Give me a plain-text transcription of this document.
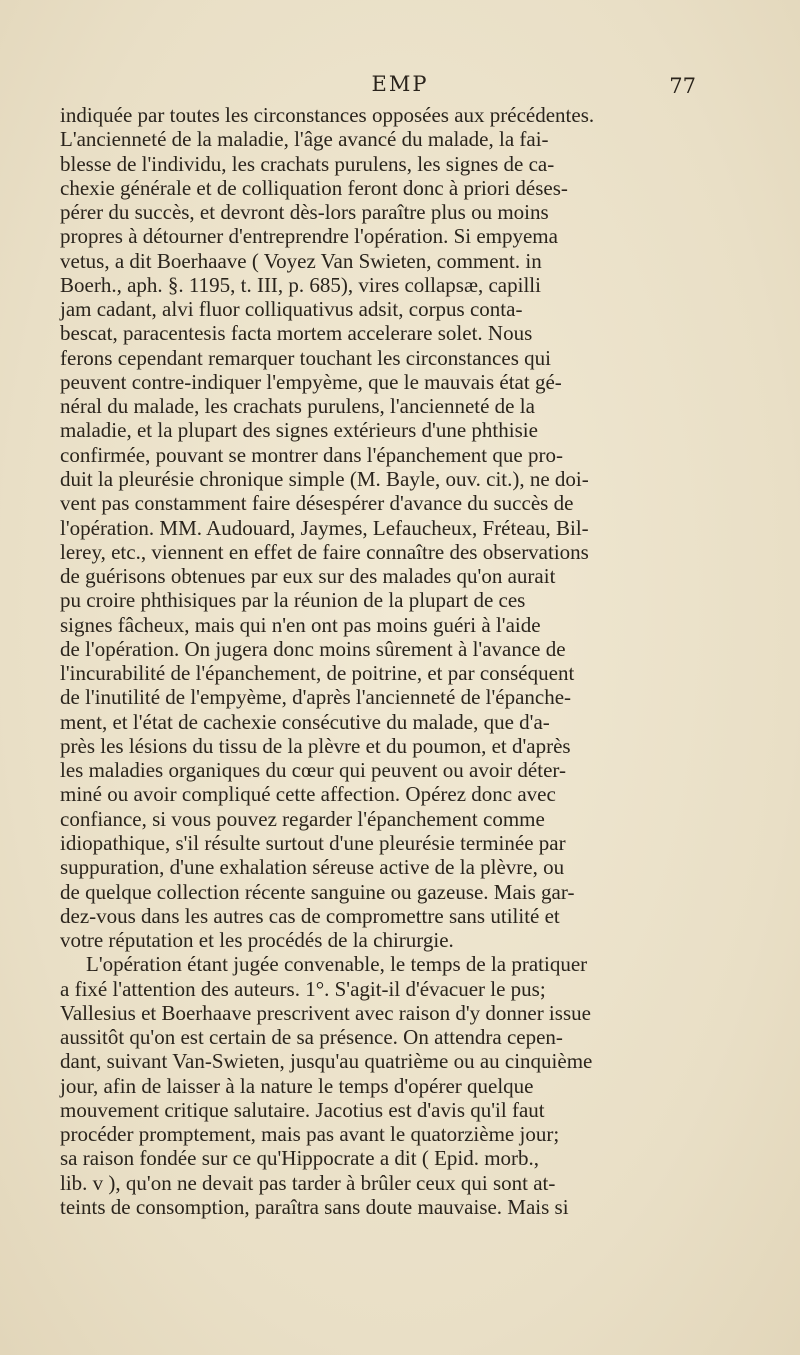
EMP	77
indiquée par toutes les circonstances opposées aux précédentes.
L'ancienneté de la maladie, l'âge avancé du malade, la fai-
blesse de l'individu, les crachats purulens, les signes de ca-
chexie générale et de colliquation feront donc à priori déses-
pérer du succès, et devront dès-lors paraître plus ou moins
propres à détourner d'entreprendre l'opération. Si empyema
vetus, a dit Boerhaave ( Voyez Van Swieten, comment. in
Boerh., aph. §. 1195, t. III, p. 685), vires collapsæ, capilli
jam cadant, alvi fluor colliquativus adsit, corpus conta-
bescat, paracentesis facta mortem accelerare solet. Nous
ferons cependant remarquer touchant les circonstances qui
peuvent contre-indiquer l'empyème, que le mauvais état gé-
néral du malade, les crachats purulens, l'ancienneté de la
maladie, et la plupart des signes extérieurs d'une phthisie
confirmée, pouvant se montrer dans l'épanchement que pro-
duit la pleurésie chronique simple (M. Bayle, ouv. cit.), ne doi-
vent pas constamment faire désespérer d'avance du succès de
l'opération. MM. Audouard, Jaymes, Lefaucheux, Fréteau, Bil-
lerey, etc., viennent en effet de faire connaître des observations
de guérisons obtenues par eux sur des malades qu'on aurait
pu croire phthisiques par la réunion de la plupart de ces
signes fâcheux, mais qui n'en ont pas moins guéri à l'aide
de l'opération. On jugera donc moins sûrement à l'avance de
l'incurabilité de l'épanchement, de poitrine, et par conséquent
de l'inutilité de l'empyème, d'après l'ancienneté de l'épanche-
ment, et l'état de cachexie consécutive du malade, que d'a-
près les lésions du tissu de la plèvre et du poumon, et d'après
les maladies organiques du cœur qui peuvent ou avoir déter-
miné ou avoir compliqué cette affection. Opérez donc avec
confiance, si vous pouvez regarder l'épanchement comme
idiopathique, s'il résulte surtout d'une pleurésie terminée par
suppuration, d'une exhalation séreuse active de la plèvre, ou
de quelque collection récente sanguine ou gazeuse. Mais gar-
dez-vous dans les autres cas de compromettre sans utilité et
votre réputation et les procédés de la chirurgie.
L'opération étant jugée convenable, le temps de la pratiquer
a fixé l'attention des auteurs. 1°. S'agit-il d'évacuer le pus;
Vallesius et Boerhaave prescrivent avec raison d'y donner issue
aussitôt qu'on est certain de sa présence. On attendra cepen-
dant, suivant Van-Swieten, jusqu'au quatrième ou au cinquième
jour, afin de laisser à la nature le temps d'opérer quelque
mouvement critique salutaire. Jacotius est d'avis qu'il faut
procéder promptement, mais pas avant le quatorzième jour;
sa raison fondée sur ce qu'Hippocrate a dit ( Epid. morb.,
lib. v ), qu'on ne devait pas tarder à brûler ceux qui sont at-
teints de consomption, paraîtra sans doute mauvaise. Mais si
